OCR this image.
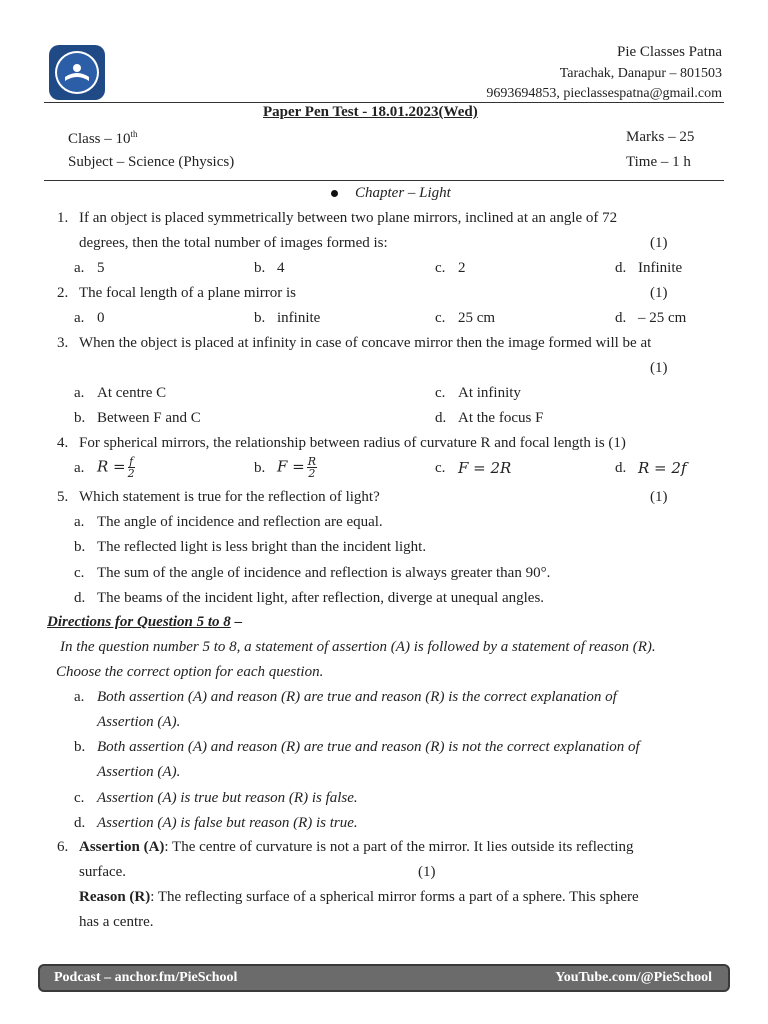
Pie Classes Patna
Tarachak, Danapur – 801503
9693694853, pieclassespatna@gmail.com
Paper Pen Test - 18.01.2023(Wed)
Class – 10th	Marks – 25
Subject – Science (Physics)	Time – 1 h
Chapter – Light
1. If an object is placed symmetrically between two plane mirrors, inclined at an angle of 72
degrees, then the total number of images formed is:	(1)
a. 5	b. 4	c. 2	d. Infinite
2. The focal length of a plane mirror is	(1)
a. 0	b. infinite	c. 25 cm	d. – 25 cm
3. When the object is placed at infinity in case of concave mirror then the image formed will be at
(1)
a. At centre C	c. At infinity
b. Between F and C	d. At the focus F
4. For spherical mirrors, the relationship between radius of curvature R and focal length is (1)
a. $R = \frac{f}{2}$	b. $F = \frac{R}{2}$	c. F = 2R	d. R = 2f
5. Which statement is true for the reflection of light?	(1)
a. The angle of incidence and reflection are equal.
b. The reflected light is less bright than the incident light.
c. The sum of the angle of incidence and reflection is always greater than 90°.
d. The beams of the incident light, after reflection, diverge at unequal angles.
Directions for Question 5 to 8 –
In the question number 5 to 8, a statement of assertion (A) is followed by a statement of reason (R).
Choose the correct option for each question.
a. Both assertion (A) and reason (R) are true and reason (R) is the correct explanation of
Assertion (A).
b. Both assertion (A) and reason (R) are true and reason (R) is not the correct explanation of
Assertion (A).
c. Assertion (A) is true but reason (R) is false.
d. Assertion (A) is false but reason (R) is true.
6. Assertion (A): The centre of curvature is not a part of the mirror. It lies outside its reflecting
surface.	(1)
Reason (R): The reflecting surface of a spherical mirror forms a part of a sphere. This sphere
has a centre.
Podcast – anchor.fm/PieSchool	YouTube.com/@PieSchool
